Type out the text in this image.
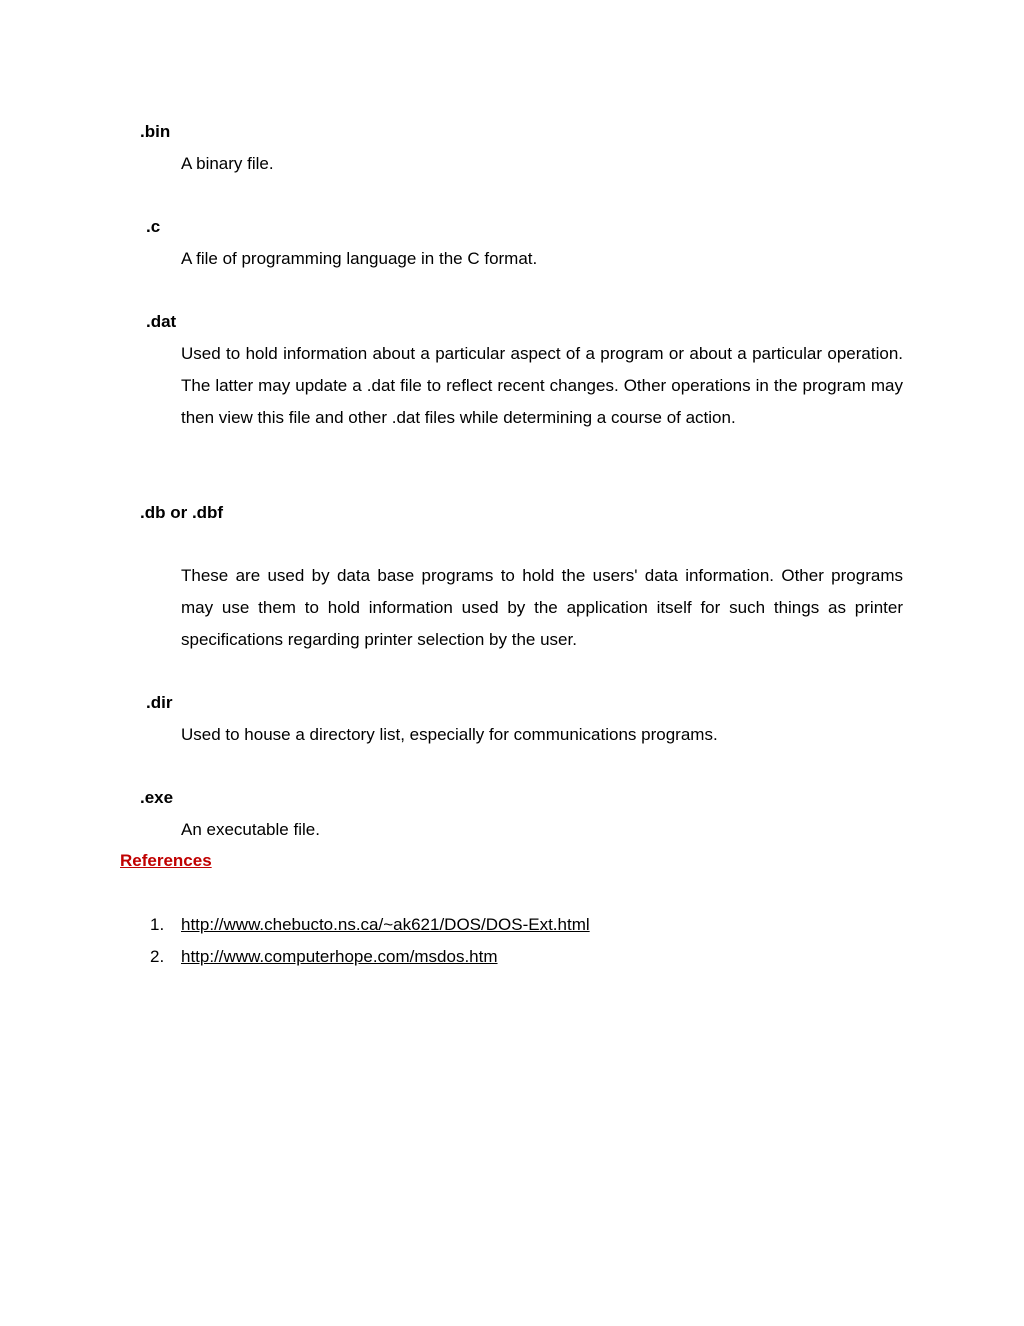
.bin
A binary file.
.c
A file of programming language in the C format.
.dat
Used to hold information about a particular aspect of a program or about a particular operation. The latter may update a .dat file to reflect recent changes. Other operations in the program may then view this file and other .dat files while determining a course of action.
.db or .dbf
These are used by data base programs to hold the users' data information. Other programs may use them to hold information used by the application itself for such things as printer specifications regarding printer selection by the user.
.dir
Used to house a directory list, especially for communications programs.
.exe
An executable file.
References
1. http://www.chebucto.ns.ca/~ak621/DOS/DOS-Ext.html
2. http://www.computerhope.com/msdos.htm
